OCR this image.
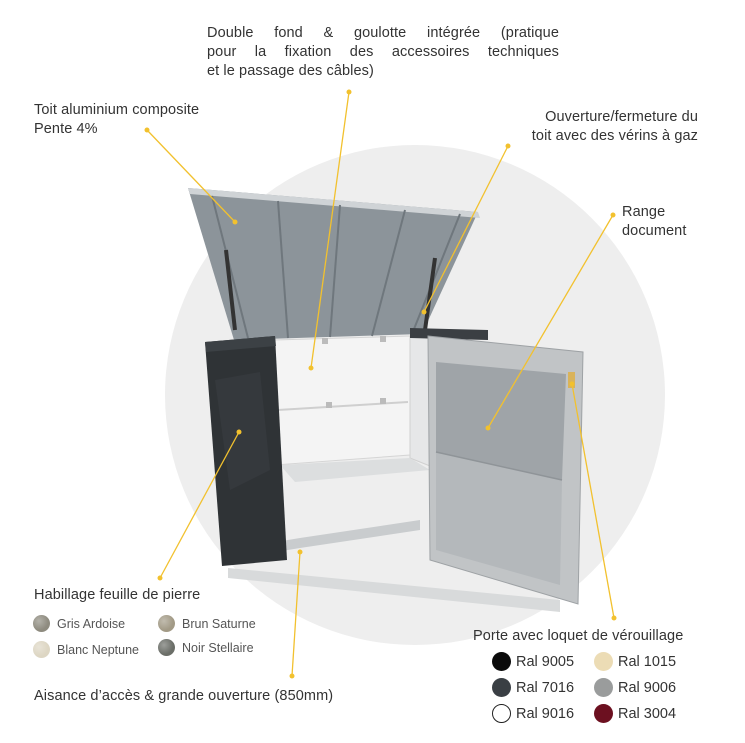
Toit aluminium composite
Pente 4%
Double fond & goulotte intégrée (pratique
pour la fixation des accessoires techniques
et le passage des câbles)
Ouverture/fermeture du
toit avec des vérins à gaz
Range
document
Habillage feuille de pierre
Gris Ardoise	Brun Saturne
Blanc Neptune	Noir Stellaire
Aisance d’accès & grande ouverture (850mm)
Porte avec loquet de vérouillage
Ral 9005	Ral 1015
Ral 7016	Ral 9006
Ral 9016	Ral 3004
